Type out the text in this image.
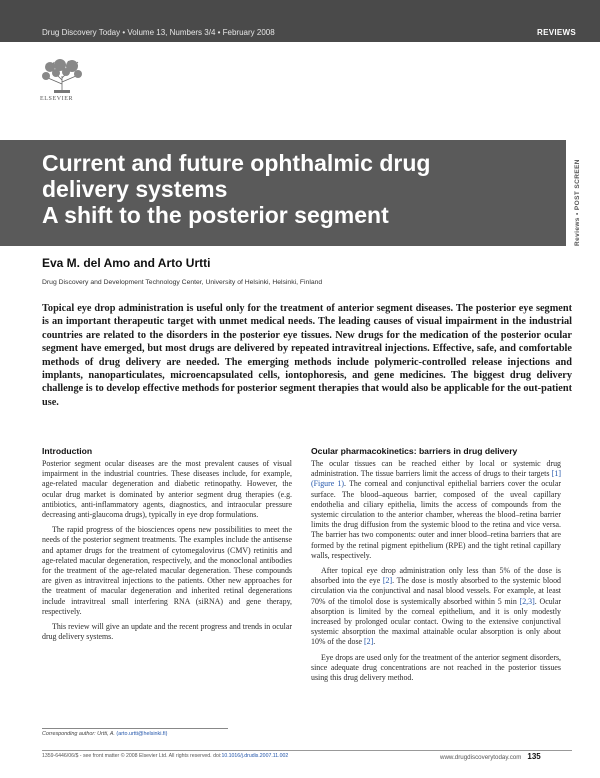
Drug Discovery Today • Volume 13, Numbers 3/4 • February 2008	REVIEWS
ELSEVIER
Current and future ophthalmic drug
delivery systems
A shift to the posterior segment	Reviews • POST SCREEN
Eva M. del Amo and Arto Urtti
Drug Discovery and Development Technology Center, University of Helsinki, Helsinki, Finland

Topical eye drop administration is useful only for the treatment of anterior segment diseases. The posterior eye segment is an important therapeutic target with unmet medical needs. The leading causes of visual impairment in the industrial countries are related to the disorders in the posterior eye tissues. New drugs for the medication of the posterior ocular segment have emerged, but most drugs are delivered by repeated intravitreal injections. Effective, safe, and comfortable methods of drug delivery are needed. The emerging methods include polymeric-controlled release injections and implants, nanoparticulates, microencapsulated cells, iontophoresis, and gene medicines. The biggest drug delivery challenge is to develop effective methods for posterior segment therapies that would also be applicable for the out-patient use.

Introduction

Posterior segment ocular diseases are the most prevalent causes of visual impairment in the industrial countries. These diseases include, for example, age-related macular degeneration and diabetic retinopathy. However, the ocular drug market is dominated by anterior segment drug therapies (e.g. antibiotics, anti-inflammatory agents, diagnostics, and intraocular pressure decreasing anti-glaucoma drugs), typically in eye drop formulations.

The rapid progress of the biosciences opens new possibilities to meet the needs of the posterior segment treatments. The examples include the antisense and aptamer drugs for the treatment of cytomegalovirus (CMV) retinitis and age-related macular degeneration, respectively, and the monoclonal antibodies for the treatment of the age-related macular degeneration. These compounds are given as intravitreal injections to the patients. Other new approaches for the treatment of macular degeneration and inherited retinal degenerations include intravitreal small interfering RNA (siRNA) and gene therapy, respectively.

This review will give an update and the recent progress and trends in ocular drug delivery systems.

Ocular pharmacokinetics: barriers in drug delivery

The ocular tissues can be reached either by local or systemic drug administration. The tissue barriers limit the access of drugs to their targets [1] (Figure 1). The corneal and conjunctival epithelial barriers cover the ocular surface. The blood–aqueous barrier, composed of the uveal capillary endothelia and ciliary epithelia, limits the access of compounds from the systemic circulation to the anterior chamber, whereas the blood–retina barrier limits the drug diffusion from the systemic blood to the retina and vice versa. The barrier has two components: outer and inner blood–retina barriers that are formed by the retinal pigment epithelium (RPE) and the tight retinal capillary walls, respectively.

After topical eye drop administration only less than 5% of the dose is absorbed into the eye [2]. The dose is mostly absorbed to the systemic blood circulation via the conjunctival and nasal blood vessels. For example, at least 70% of the timolol dose is systemically absorbed within 5 min [2,3]. Ocular absorption is limited by the corneal epithelium, and it is only modestly increased by prolonged ocular contact. Owing to the extensive conjunctival systemic absorption the maximal attainable ocular absorption is only about 10% of the dose [2].

Eye drops are used only for the treatment of the anterior segment disorders, since adequate drug concentrations are not reached in the posterior tissues using this drug delivery method.

Corresponding author: Urtti, A. (arto.urtti@helsinki.fi)
1359-6446/06/$ - see front matter © 2008 Elsevier Ltd. All rights reserved. doi:10.1016/j.drudis.2007.11.002	www.drugdiscoverytoday.com 135
